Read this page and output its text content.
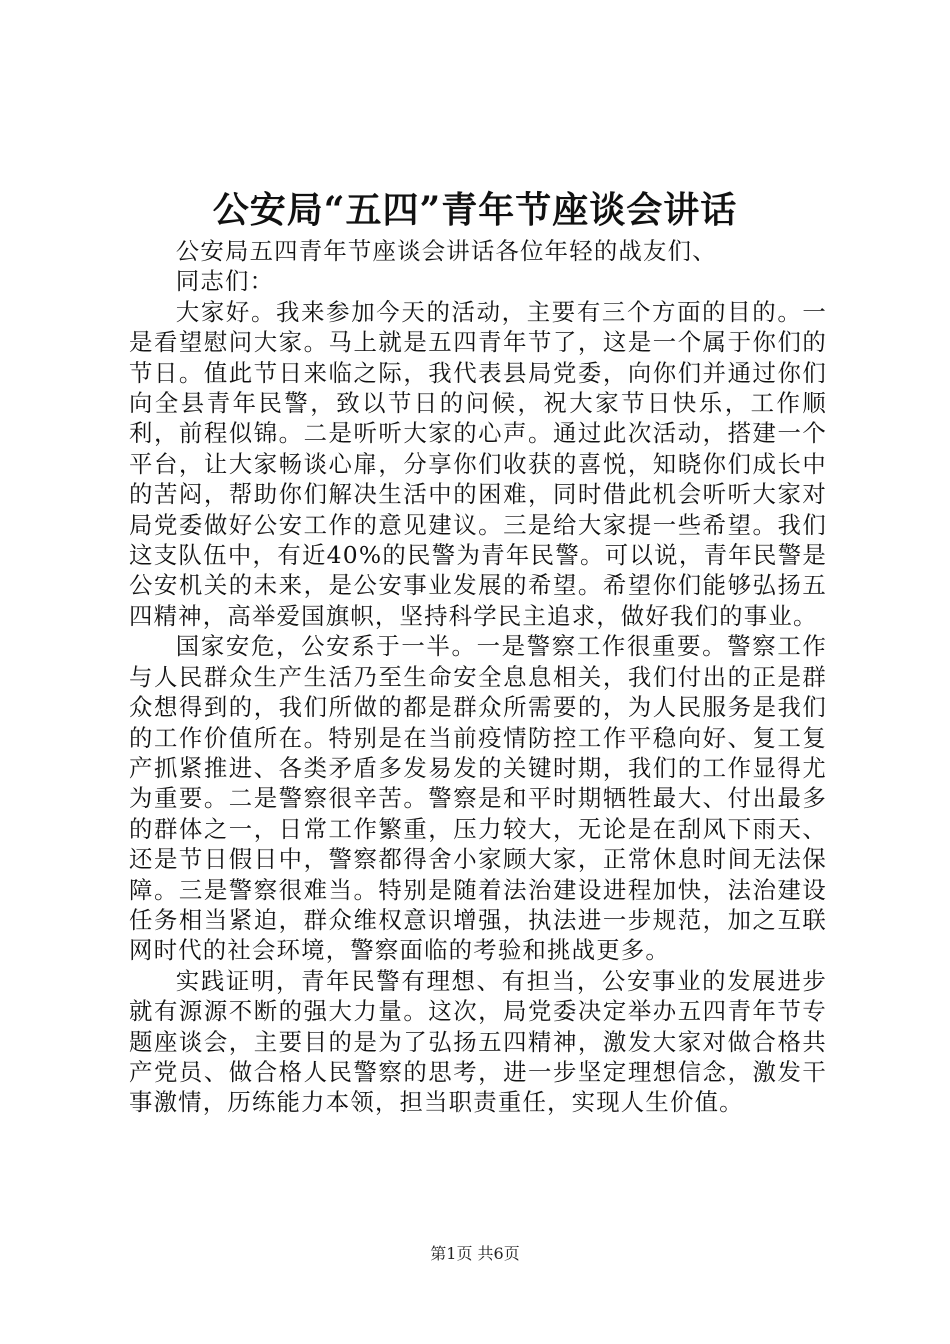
公安局“五四”青年节座谈会讲话

公安局五四青年节座谈会讲话各位年轻的战友们、

同志们：

大家好。我来参加今天的活动，主要有三个方面的目的。一是看望慰问大家。马上就是五四青年节了，这是一个属于你们的节日。值此节日来临之际，我代表县局党委，向你们并通过你们向全县青年民警，致以节日的问候，祝大家节日快乐，工作顺利，前程似锦。二是听听大家的心声。通过此次活动，搭建一个平台，让大家畅谈心扉，分享你们收获的喜悦，知晓你们成长中的苦闷，帮助你们解决生活中的困难，同时借此机会听听大家对局党委做好公安工作的意见建议。三是给大家提一些希望。我们这支队伍中，有近40%的民警为青年民警。可以说，青年民警是公安机关的未来，是公安事业发展的希望。希望你们能够弘扬五四精神，高举爱国旗帜，坚持科学民主追求，做好我们的事业。

国家安危，公安系于一半。一是警察工作很重要。警察工作与人民群众生产生活乃至生命安全息息相关，我们付出的正是群众想得到的，我们所做的都是群众所需要的，为人民服务是我们的工作价值所在。特别是在当前疫情防控工作平稳向好、复工复产抓紧推进、各类矛盾多发易发的关键时期，我们的工作显得尤为重要。二是警察很辛苦。警察是和平时期牺牲最大、付出最多的群体之一，日常工作繁重，压力较大，无论是在刮风下雨天、还是节日假日中，警察都得舍小家顾大家，正常休息时间无法保障。三是警察很难当。特别是随着法治建设进程加快，法治建设任务相当紧迫，群众维权意识增强，执法进一步规范，加之互联网时代的社会环境，警察面临的考验和挑战更多。

实践证明，青年民警有理想、有担当，公安事业的发展进步就有源源不断的强大力量。这次，局党委决定举办五四青年节专题座谈会，主要目的是为了弘扬五四精神，激发大家对做合格共产党员、做合格人民警察的思考，进一步坚定理想信念，激发干事激情，历练能力本领，担当职责重任，实现人生价值。

第1页 共6页
